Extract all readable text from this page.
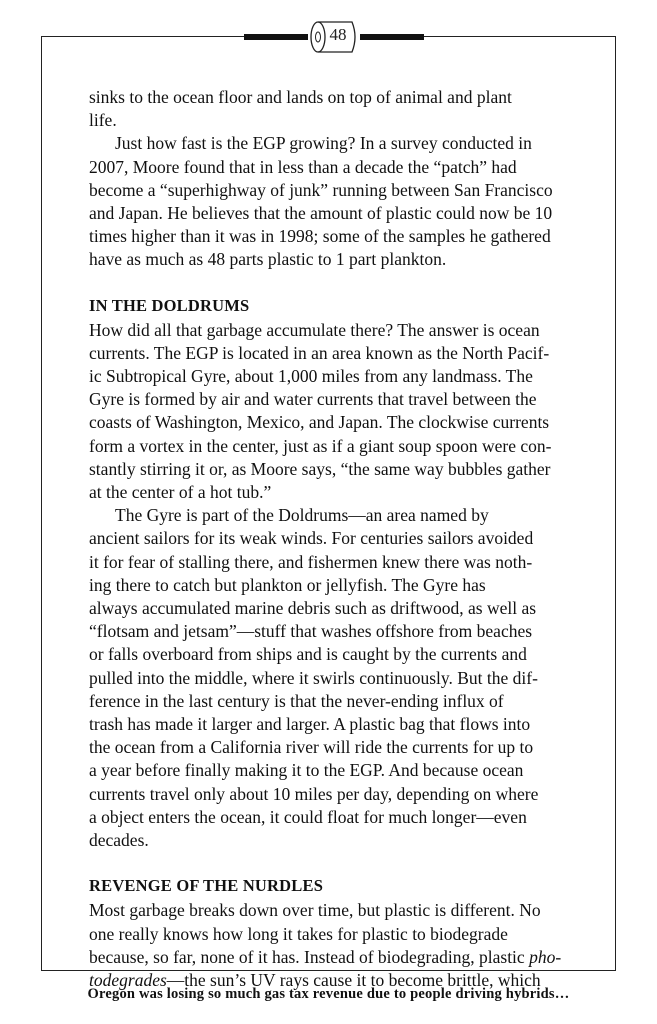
48

sinks to the ocean floor and lands on top of animal and plant
life.

Just how fast is the EGP growing? In a survey conducted in
2007, Moore found that in less than a decade the “patch” had
become a “superhighway of junk” running between San Francisco
and Japan. He believes that the amount of plastic could now be 10
times higher than it was in 1998; some of the samples he gathered
have as much as 48 parts plastic to 1 part plankton.

IN THE DOLDRUMS

How did all that garbage accumulate there? The answer is ocean
currents. The EGP is located in an area known as the North Pacif-
ic Subtropical Gyre, about 1,000 miles from any landmass. The
Gyre is formed by air and water currents that travel between the
coasts of Washington, Mexico, and Japan. The clockwise currents
form a vortex in the center, just as if a giant soup spoon were con-
stantly stirring it or, as Moore says, “the same way bubbles gather
at the center of a hot tub.”

The Gyre is part of the Doldrums—an area named by
ancient sailors for its weak winds. For centuries sailors avoided
it for fear of stalling there, and fishermen knew there was noth-
ing there to catch but plankton or jellyfish. The Gyre has
always accumulated marine debris such as driftwood, as well as
“flotsam and jetsam”—stuff that washes offshore from beaches
or falls overboard from ships and is caught by the currents and
pulled into the middle, where it swirls continuously. But the dif-
ference in the last century is that the never-ending influx of
trash has made it larger and larger. A plastic bag that flows into
the ocean from a California river will ride the currents for up to
a year before finally making it to the EGP. And because ocean
currents travel only about 10 miles per day, depending on where
a object enters the ocean, it could float for much longer—even
decades.

REVENGE OF THE NURDLES

Most garbage breaks down over time, but plastic is different. No
one really knows how long it takes for plastic to biodegrade
because, so far, none of it has. Instead of biodegrading, plastic pho-
todegrades—the sun’s UV rays cause it to become brittle, which

Oregon was losing so much gas tax revenue due to people driving hybrids…
